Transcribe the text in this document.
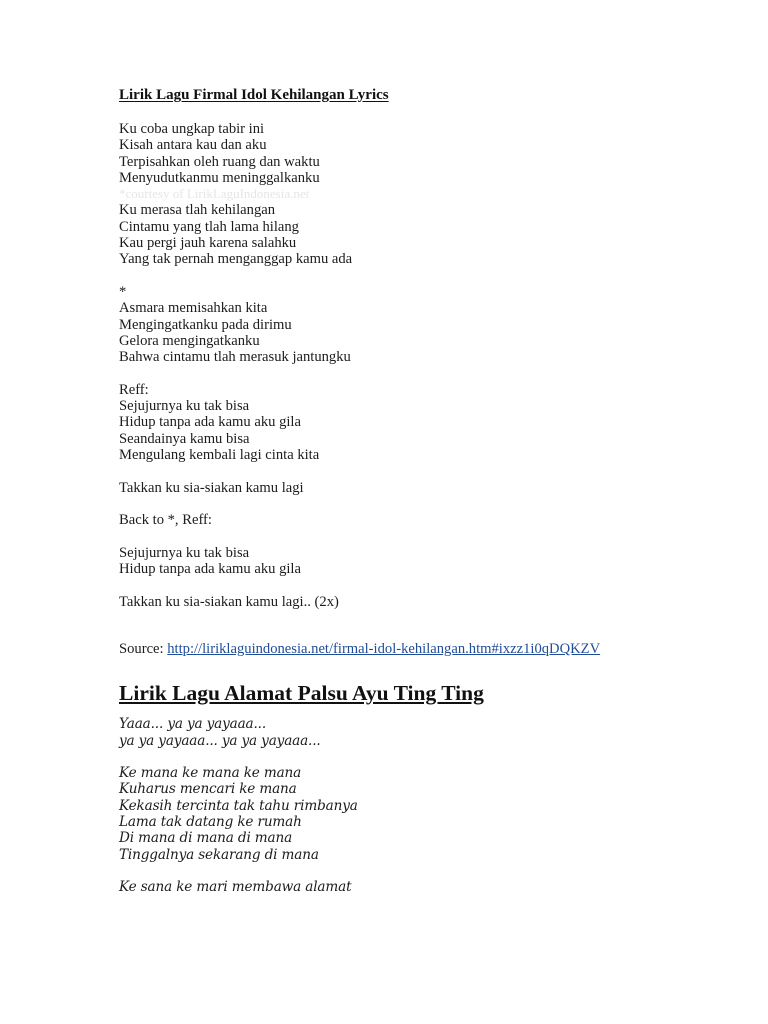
Lirik Lagu Firmal Idol Kehilangan Lyrics
Ku coba ungkap tabir ini
Kisah antara kau dan aku
Terpisahkan oleh ruang dan waktu
Menyudutkanmu meninggalkanku
*courtesy of LirikLaguIndonesia.net
Ku merasa tlah kehilangan
Cintamu yang tlah lama hilang
Kau pergi jauh karena salahku
Yang tak pernah menganggap kamu ada
*
Asmara memisahkan kita
Mengingatkanku pada dirimu
Gelora mengingatkanku
Bahwa cintamu tlah merasuk jantungku
Reff:
Sejujurnya ku tak bisa
Hidup tanpa ada kamu aku gila
Seandainya kamu bisa
Mengulang kembali lagi cinta kita
Takkan ku sia-siakan kamu lagi
Back to *, Reff:
Sejujurnya ku tak bisa
Hidup tanpa ada kamu aku gila
Takkan ku sia-siakan kamu lagi.. (2x)
Source: http://liriklaguindonesia.net/firmal-idol-kehilangan.htm#ixzz1i0qDQKZV
Lirik Lagu Alamat Palsu Ayu Ting Ting
Yaaa... ya ya yayaaa...
ya ya yayaaa... ya ya yayaaa...
Ke mana ke mana ke mana
Kuharus mencari ke mana
Kekasih tercinta tak tahu rimbanya
Lama tak datang ke rumah
Di mana di mana di mana
Tinggalnya sekarang di mana
Ke sana ke mari membawa alamat
